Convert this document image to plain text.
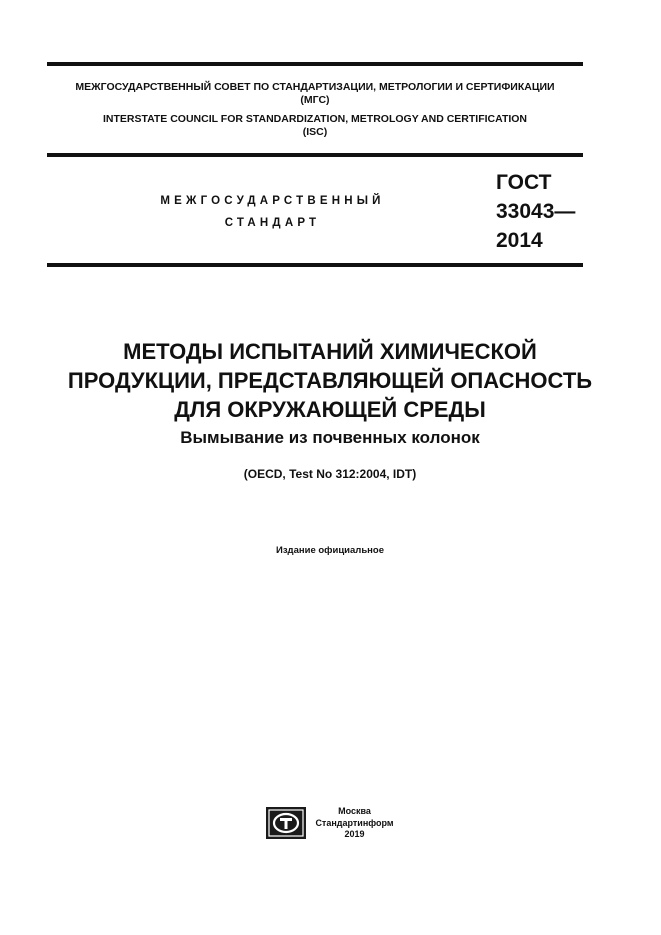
МЕЖГОСУДАРСТВЕННЫЙ СОВЕТ ПО СТАНДАРТИЗАЦИИ, МЕТРОЛОГИИ И СЕРТИФИКАЦИИ
(МГС)
INTERSTATE COUNCIL FOR STANDARDIZATION, METROLOGY AND CERTIFICATION
(ISC)
МЕЖГОСУДАРСТВЕННЫЙ
СТАНДАРТ
ГОСТ
33043—
2014
МЕТОДЫ ИСПЫТАНИЙ ХИМИЧЕСКОЙ
ПРОДУКЦИИ, ПРЕДСТАВЛЯЮЩЕЙ ОПАСНОСТЬ
ДЛЯ ОКРУЖАЮЩЕЙ СРЕДЫ
Вымывание из почвенных колонок
(OECD, Test No 312:2004, IDT)
Издание официальное
Москва
Стандартинформ
2019
